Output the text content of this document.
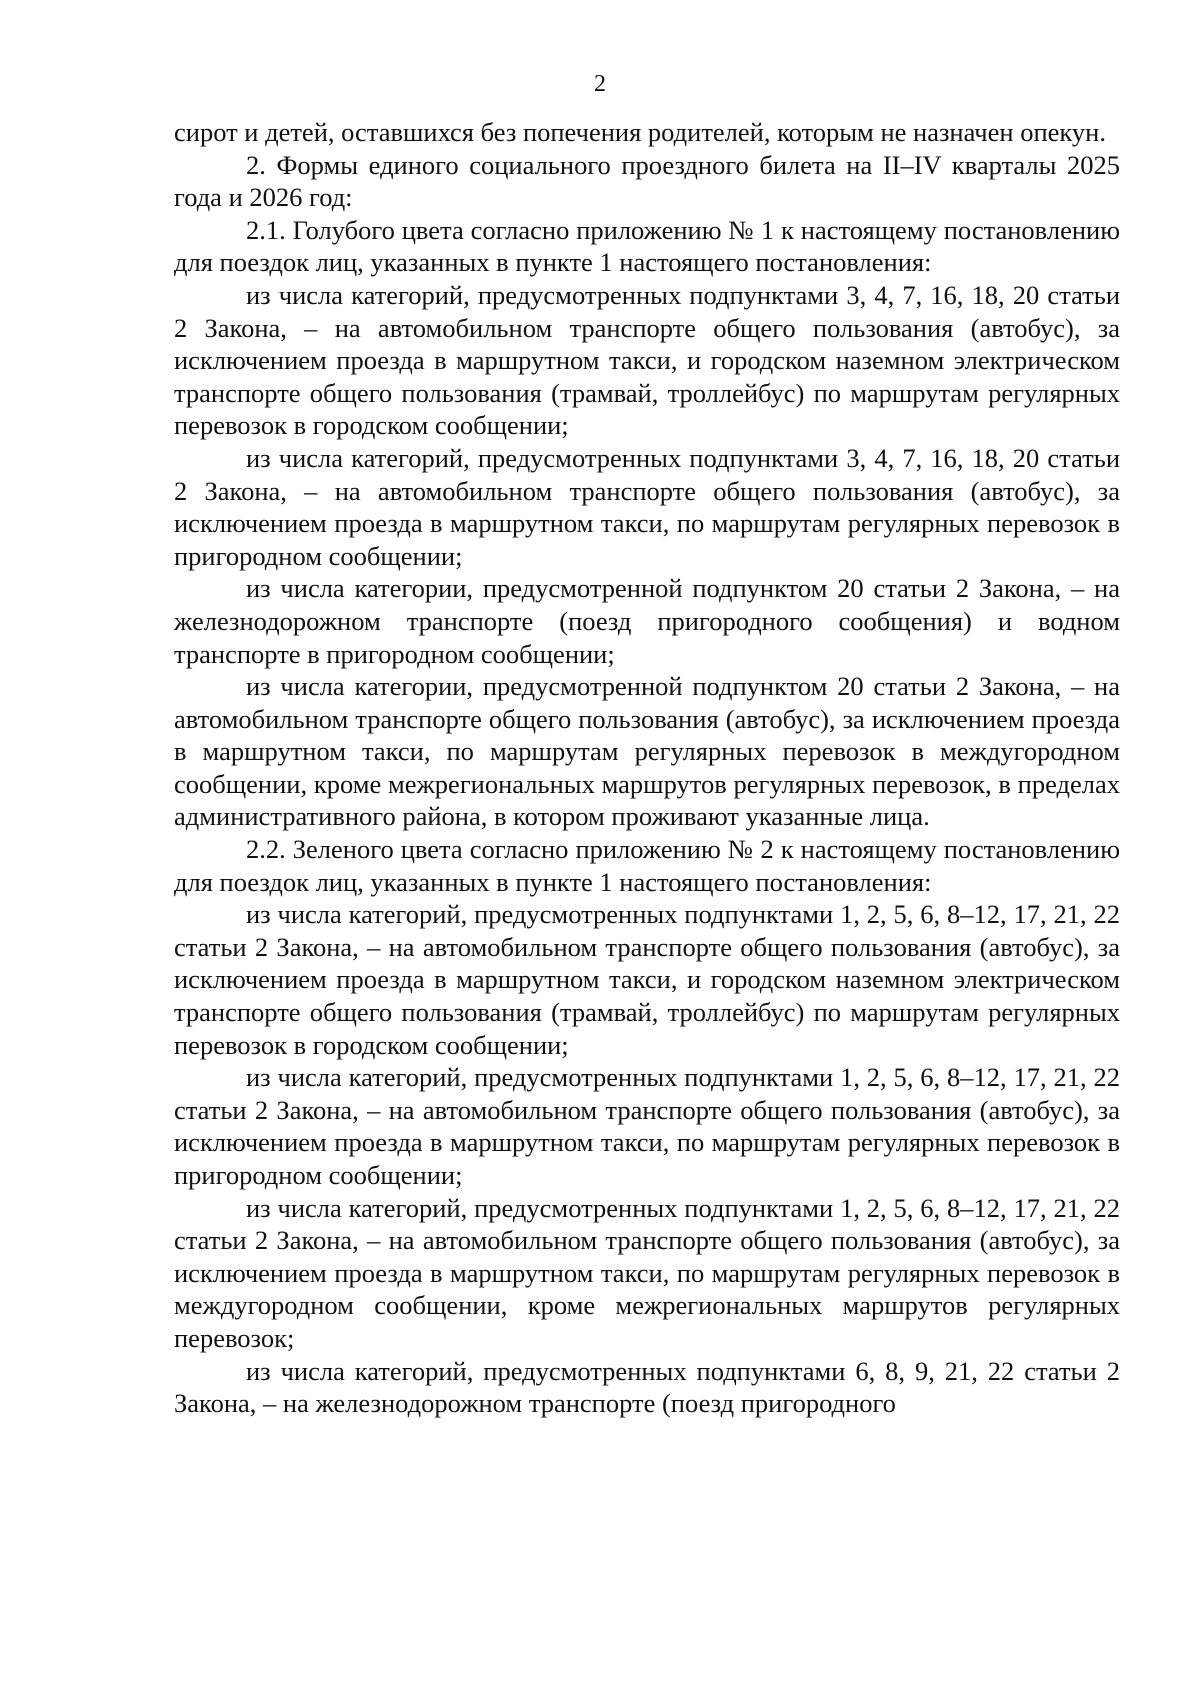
2

сирот и детей, оставшихся без попечения родителей, которым не назначен опекун.

2. Формы единого социального проездного билета на II–IV кварталы 2025 года и 2026 год:

2.1. Голубого цвета согласно приложению № 1 к настоящему постановлению для поездок лиц, указанных в пункте 1 настоящего постановления:

из числа категорий, предусмотренных подпунктами 3, 4, 7, 16, 18, 20 статьи 2 Закона, – на автомобильном транспорте общего пользования (автобус), за исключением проезда в маршрутном такси, и городском наземном электрическом транспорте общего пользования (трамвай, троллейбус) по маршрутам регулярных перевозок в городском сообщении;

из числа категорий, предусмотренных подпунктами 3, 4, 7, 16, 18, 20 статьи 2 Закона, – на автомобильном транспорте общего пользования (автобус), за исключением проезда в маршрутном такси, по маршрутам регулярных перевозок в пригородном сообщении;

из числа категории, предусмотренной подпунктом 20 статьи 2 Закона, – на железнодорожном транспорте (поезд пригородного сообщения) и водном транспорте в пригородном сообщении;

из числа категории, предусмотренной подпунктом 20 статьи 2 Закона, – на автомобильном транспорте общего пользования (автобус), за исключением проезда в маршрутном такси, по маршрутам регулярных перевозок в междугородном сообщении, кроме межрегиональных маршрутов регулярных перевозок, в пределах административного района, в котором проживают указанные лица.

2.2. Зеленого цвета согласно приложению № 2 к настоящему постановлению для поездок лиц, указанных в пункте 1 настоящего постановления:

из числа категорий, предусмотренных подпунктами 1, 2, 5, 6, 8–12, 17, 21, 22 статьи 2 Закона, – на автомобильном транспорте общего пользования (автобус), за исключением проезда в маршрутном такси, и городском наземном электрическом транспорте общего пользования (трамвай, троллейбус) по маршрутам регулярных перевозок в городском сообщении;

из числа категорий, предусмотренных подпунктами 1, 2, 5, 6, 8–12, 17, 21, 22 статьи 2 Закона, – на автомобильном транспорте общего пользования (автобус), за исключением проезда в маршрутном такси, по маршрутам регулярных перевозок в пригородном сообщении;

из числа категорий, предусмотренных подпунктами 1, 2, 5, 6, 8–12, 17, 21, 22 статьи 2 Закона, – на автомобильном транспорте общего пользования (автобус), за исключением проезда в маршрутном такси, по маршрутам регулярных перевозок в междугородном сообщении, кроме межрегиональных маршрутов регулярных перевозок;

из числа категорий, предусмотренных подпунктами 6, 8, 9, 21, 22 статьи 2 Закона, – на железнодорожном транспорте (поезд пригородного
